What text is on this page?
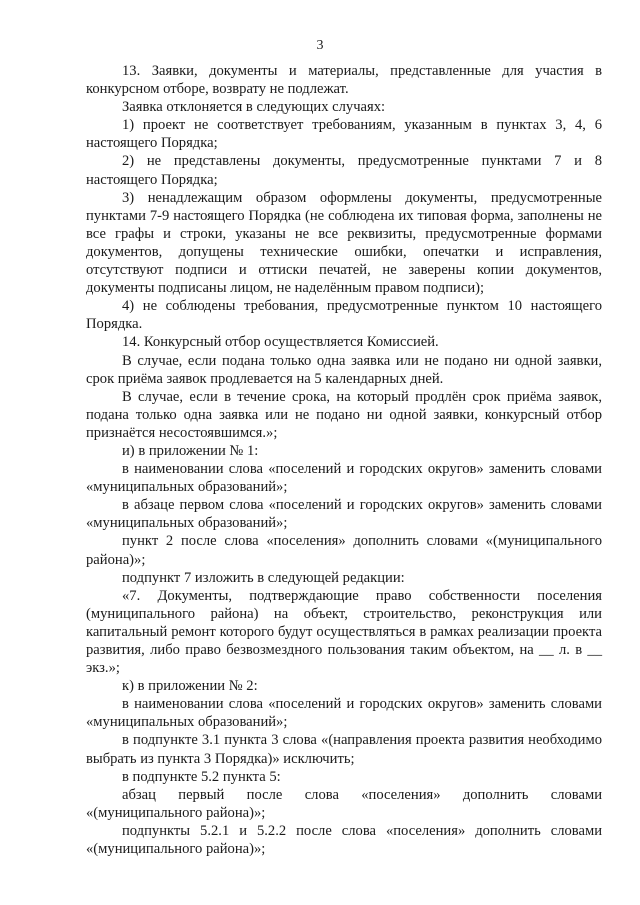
3

13. Заявки, документы и материалы, представленные для участия в конкурсном отборе, возврату не подлежат.

Заявка отклоняется в следующих случаях:

1) проект не соответствует требованиям, указанным в пунктах 3, 4, 6 настоящего Порядка;

2) не представлены документы, предусмотренные пунктами 7 и 8 настоящего Порядка;

3) ненадлежащим образом оформлены документы, предусмотренные пунктами 7-9 настоящего Порядка (не соблюдена их типовая форма, заполнены не все графы и строки, указаны не все реквизиты, предусмотренные формами документов, допущены технические ошибки, опечатки и исправления, отсутствуют подписи и оттиски печатей, не заверены копии документов, документы подписаны лицом, не наделённым правом подписи);

4) не соблюдены требования, предусмотренные пунктом 10 настоящего Порядка.

14. Конкурсный отбор осуществляется Комиссией.

В случае, если подана только одна заявка или не подано ни одной заявки, срок приёма заявок продлевается на 5 календарных дней.

В случае, если в течение срока, на который продлён срок приёма заявок, подана только одна заявка или не подано ни одной заявки, конкурсный отбор признаётся несостоявшимся.»;

и) в приложении № 1:

в наименовании слова «поселений и городских округов» заменить словами «муниципальных образований»;

в абзаце первом слова «поселений и городских округов» заменить словами «муниципальных образований»;

пункт 2 после слова «поселения» дополнить словами «(муниципального района)»;

подпункт 7 изложить в следующей редакции:

«7. Документы, подтверждающие право собственности поселения (муниципального района) на объект, строительство, реконструкция или капитальный ремонт которого будут осуществляться в рамках реализации проекта развития, либо право безвозмездного пользования таким объектом, на __ л. в __ экз.»;

к) в приложении № 2:

в наименовании слова «поселений и городских округов» заменить словами «муниципальных образований»;

в подпункте 3.1 пункта 3 слова «(направления проекта развития необходимо выбрать из пункта 3 Порядка)» исключить;

в подпункте 5.2 пункта 5:

абзац первый после слова «поселения» дополнить словами «(муниципального района)»;

подпункты 5.2.1 и 5.2.2 после слова «поселения» дополнить словами «(муниципального района)»;
